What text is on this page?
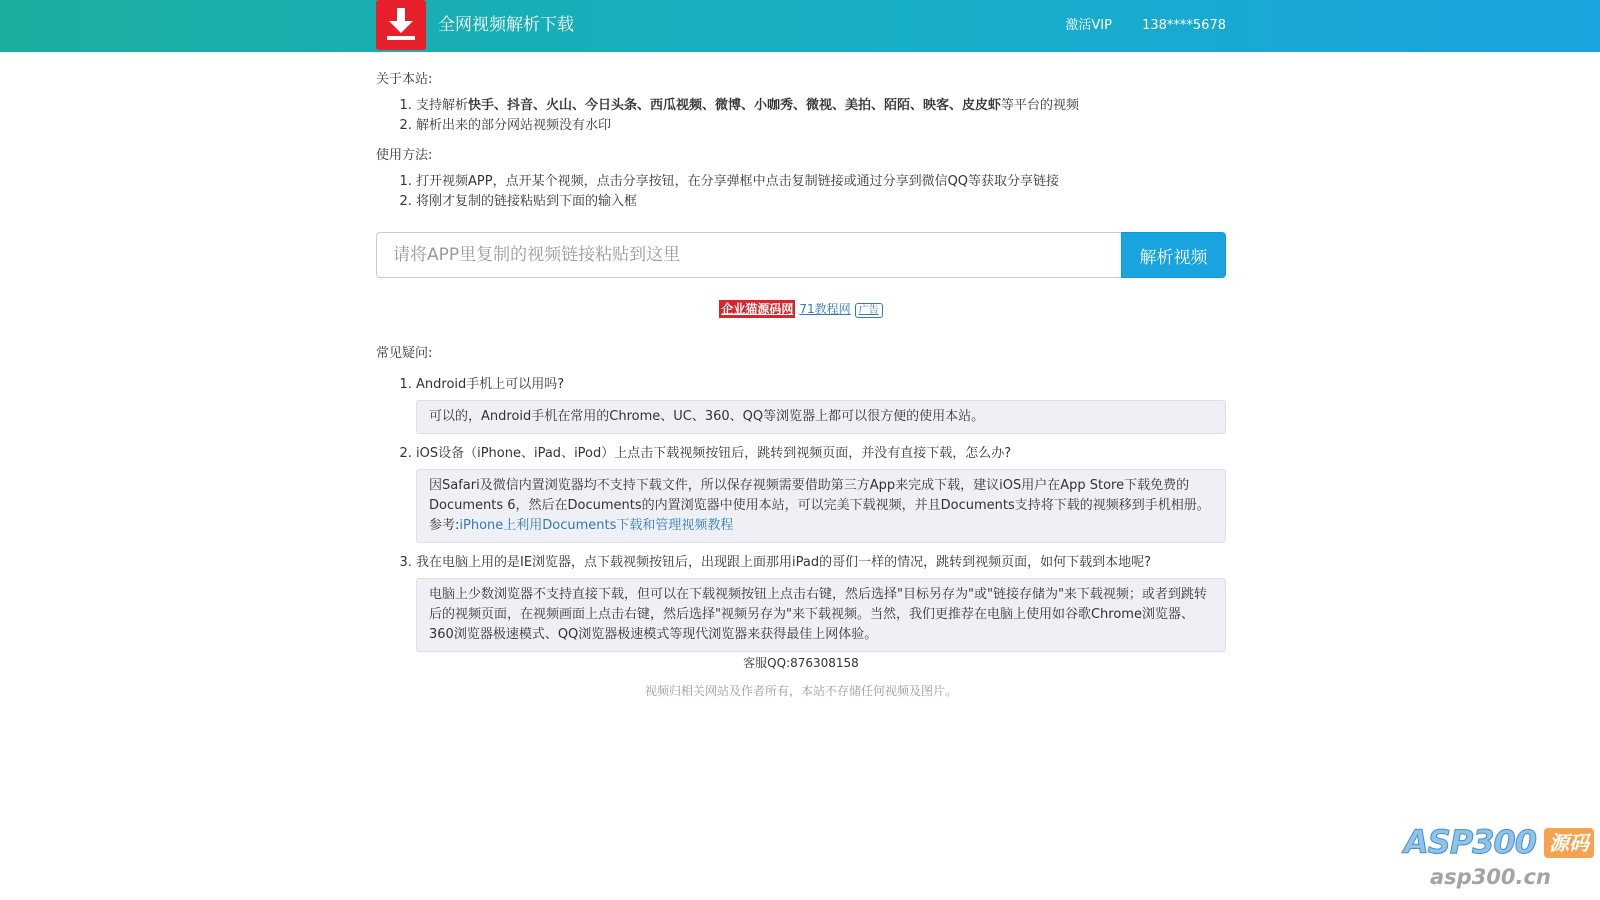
全网视频解析下载	激活VIP 138****5678
关于本站:
1. 支持解析快手、抖音、火山、今日头条、西瓜视频、微博、小咖秀、微视、美拍、陌陌、映客、皮皮虾等平台的视频
2. 解析出来的部分网站视频没有水印
使用方法:
1. 打开视频APP，点开某个视频，点击分享按钮，在分享弹框中点击复制链接或通过分享到微信QQ等获取分享链接
2. 将刚才复制的链接粘贴到下面的输入框
请将APP里复制的视频链接粘贴到这里
解析视频
企业猫源码网 71教程网 广告
常见疑问:
1. Android手机上可以用吗?
可以的，Android手机在常用的Chrome、UC、360、QQ等浏览器上都可以很方便的使用本站。
2. iOS设备（iPhone、iPad、iPod）上点击下载视频按钮后，跳转到视频页面，并没有直接下载，怎么办?
因Safari及微信内置浏览器均不支持下载文件，所以保存视频需要借助第三方App来完成下载，建议iOS用户在App Store下载免费的Documents 6，然后在Documents的内置浏览器中使用本站，可以完美下载视频，并且Documents支持将下载的视频移到手机相册。参考:iPhone上利用Documents下载和管理视频教程
3. 我在电脑上用的是IE浏览器，点下载视频按钮后，出现跟上面那用iPad的哥们一样的情况，跳转到视频页面，如何下载到本地呢?
电脑上少数浏览器不支持直接下载，但可以在下载视频按钮上点击右键，然后选择"目标另存为"或"链接存储为"来下载视频；或者到跳转后的视频页面，在视频画面上点击右键，然后选择"视频另存为"来下载视频。当然，我们更推荐在电脑上使用如谷歌Chrome浏览器、360浏览器极速模式、QQ浏览器极速模式等现代浏览器来获得最佳上网体验。
客服QQ:876308158
视频归相关网站及作者所有，本站不存储任何视频及图片。
ASP300 源码
asp300.cn
